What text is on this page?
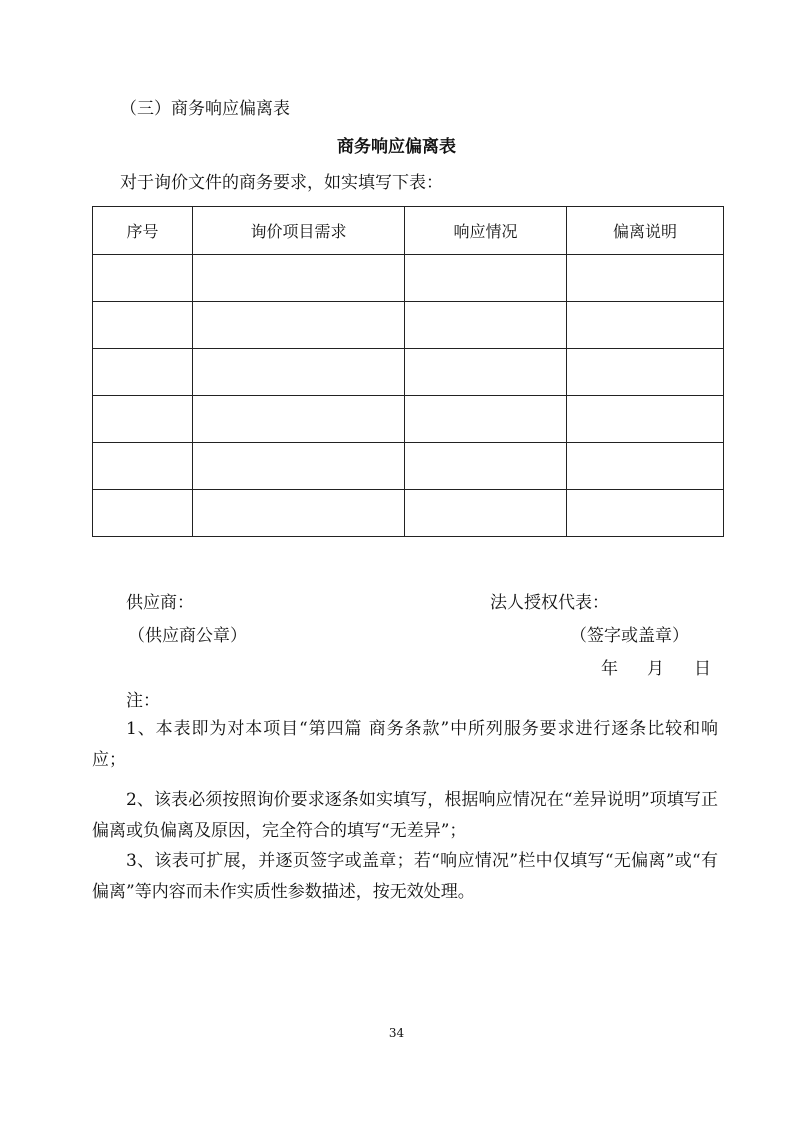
（三）商务响应偏离表
商务响应偏离表
对于询价文件的商务要求，如实填写下表：
序号	询价项目需求	响应情况	偏离说明

供应商：	法人授权代表：
（供应商公章）	（签字或盖章）
年 月 日
注：
1、本表即为对本项目“第四篇 商务条款”中所列服务要求进行逐条比较和响应；
2、该表必须按照询价要求逐条如实填写，根据响应情况在“差异说明”项填写正偏离或负偏离及原因，完全符合的填写“无差异”；
3、该表可扩展，并逐页签字或盖章；若“响应情况”栏中仅填写“无偏离”或“有偏离”等内容而未作实质性参数描述，按无效处理。
34
